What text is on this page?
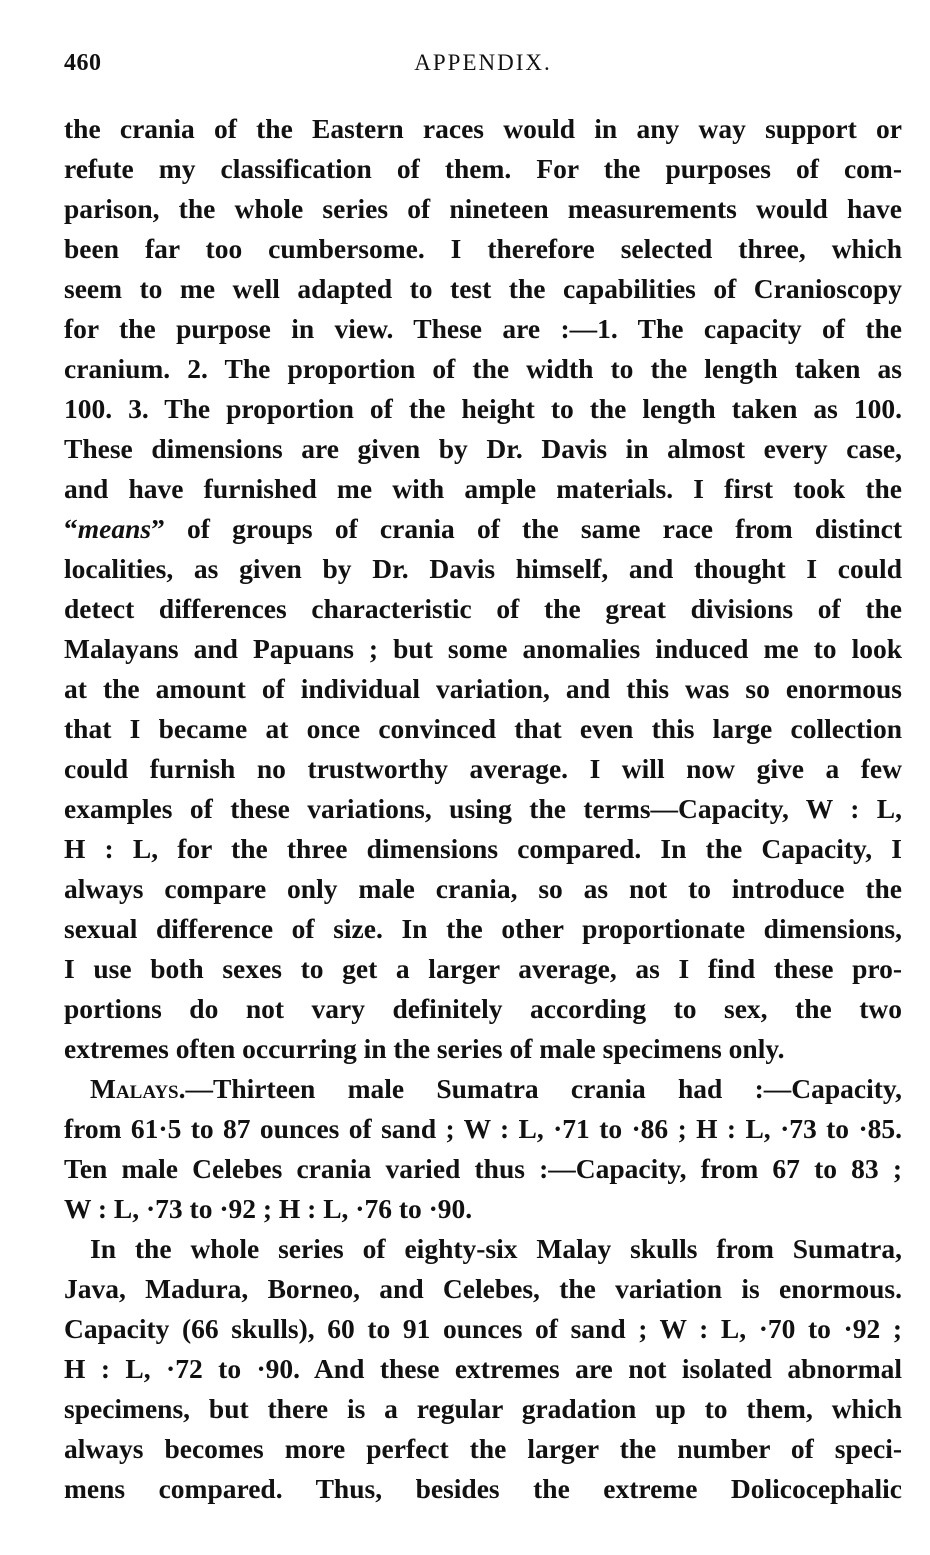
460	APPENDIX.
the crania of the Eastern races would in any way support or
refute my classification of them. For the purposes of com-
parison, the whole series of nineteen measurements would have
been far too cumbersome. I therefore selected three, which
seem to me well adapted to test the capabilities of Cranioscopy
for the purpose in view. These are :—1. The capacity of the
cranium. 2. The proportion of the width to the length taken as
100. 3. The proportion of the height to the length taken as 100.
These dimensions are given by Dr. Davis in almost every case,
and have furnished me with ample materials. I first took the
“means” of groups of crania of the same race from distinct
localities, as given by Dr. Davis himself, and thought I could
detect differences characteristic of the great divisions of the
Malayans and Papuans ; but some anomalies induced me to look
at the amount of individual variation, and this was so enormous
that I became at once convinced that even this large collection
could furnish no trustworthy average. I will now give a few
examples of these variations, using the terms—Capacity, W : L,
H : L, for the three dimensions compared. In the Capacity, I
always compare only male crania, so as not to introduce the
sexual difference of size. In the other proportionate dimensions,
I use both sexes to get a larger average, as I find these pro-
portions do not vary definitely according to sex, the two
extremes often occurring in the series of male specimens only.
Malays.—Thirteen male Sumatra crania had :—Capacity,
from 61·5 to 87 ounces of sand ; W : L, ·71 to ·86 ; H : L, ·73 to ·85.
Ten male Celebes crania varied thus :—Capacity, from 67 to 83 ;
W : L, ·73 to ·92 ; H : L, ·76 to ·90.
In the whole series of eighty-six Malay skulls from Sumatra,
Java, Madura, Borneo, and Celebes, the variation is enormous.
Capacity (66 skulls), 60 to 91 ounces of sand ; W : L, ·70 to ·92 ;
H : L, ·72 to ·90. And these extremes are not isolated abnormal
specimens, but there is a regular gradation up to them, which
always becomes more perfect the larger the number of speci-
mens compared. Thus, besides the extreme Dolicocephalic
